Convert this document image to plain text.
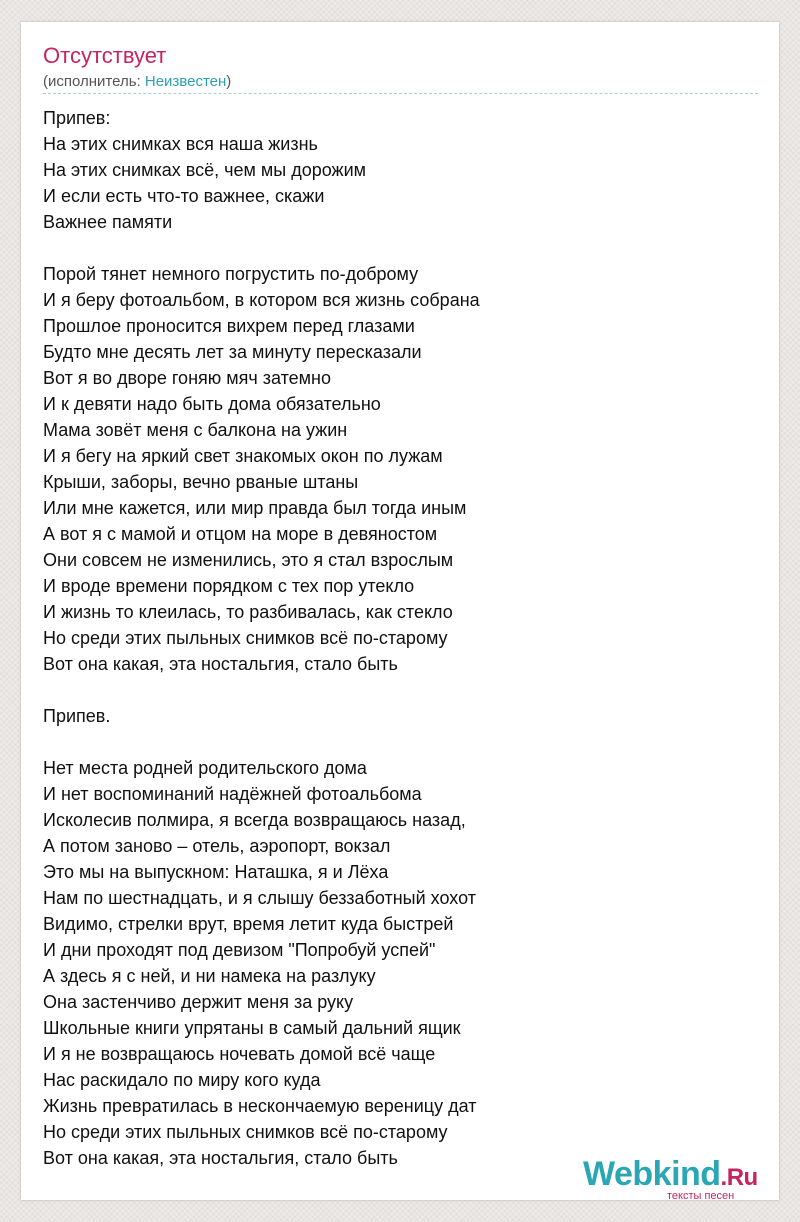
Отсутствует
(исполнитель: Неизвестен)
Припев:
На этих снимках вся наша жизнь
На этих снимках всё, чем мы дорожим
И если есть что-то важнее, скажи
Важнее памяти

Порой тянет немного погрустить по-доброму
И я беру фотоальбом, в котором вся жизнь собрана
Прошлое проносится вихрем перед глазами
Будто мне десять лет за минуту пересказали
Вот я во дворе гоняю мяч затемно
И к девяти надо быть дома обязательно
Мама зовёт меня с балкона на ужин
И я бегу на яркий свет знакомых окон по лужам
Крыши, заборы, вечно рваные штаны
Или мне кажется, или мир правда был тогда иным
А вот я с мамой и отцом на море в девяностом
Они совсем не изменились, это я стал взрослым
И вроде времени порядком с тех пор утекло
И жизнь то клеилась, то разбивалась, как стекло
Но среди этих пыльных снимков всё по-старому
Вот она какая, эта ностальгия, стало быть

Припев.

Нет места родней родительского дома
И нет воспоминаний надёжней фотоальбома
Исколесив полмира, я всегда возвращаюсь назад,
А потом заново – отель, аэропорт, вокзал
Это мы на выпускном: Наташка, я и Лёха
Нам по шестнадцать, и я слышу беззаботный хохот
Видимо, стрелки врут, время летит куда быстрей
И дни проходят под девизом "Попробуй успей"
А здесь я с ней, и ни намека на разлуку
Она застенчиво держит меня за руку
Школьные книги упрятаны в самый дальний ящик
И я не возвращаюсь ночевать домой всё чаще
Нас раскидало по миру кого куда
Жизнь превратилась в нескончаемую вереницу дат
Но среди этих пыльных снимков всё по-старому
Вот она какая, эта ностальгия, стало быть	Webkind.Ru
тексты песен
